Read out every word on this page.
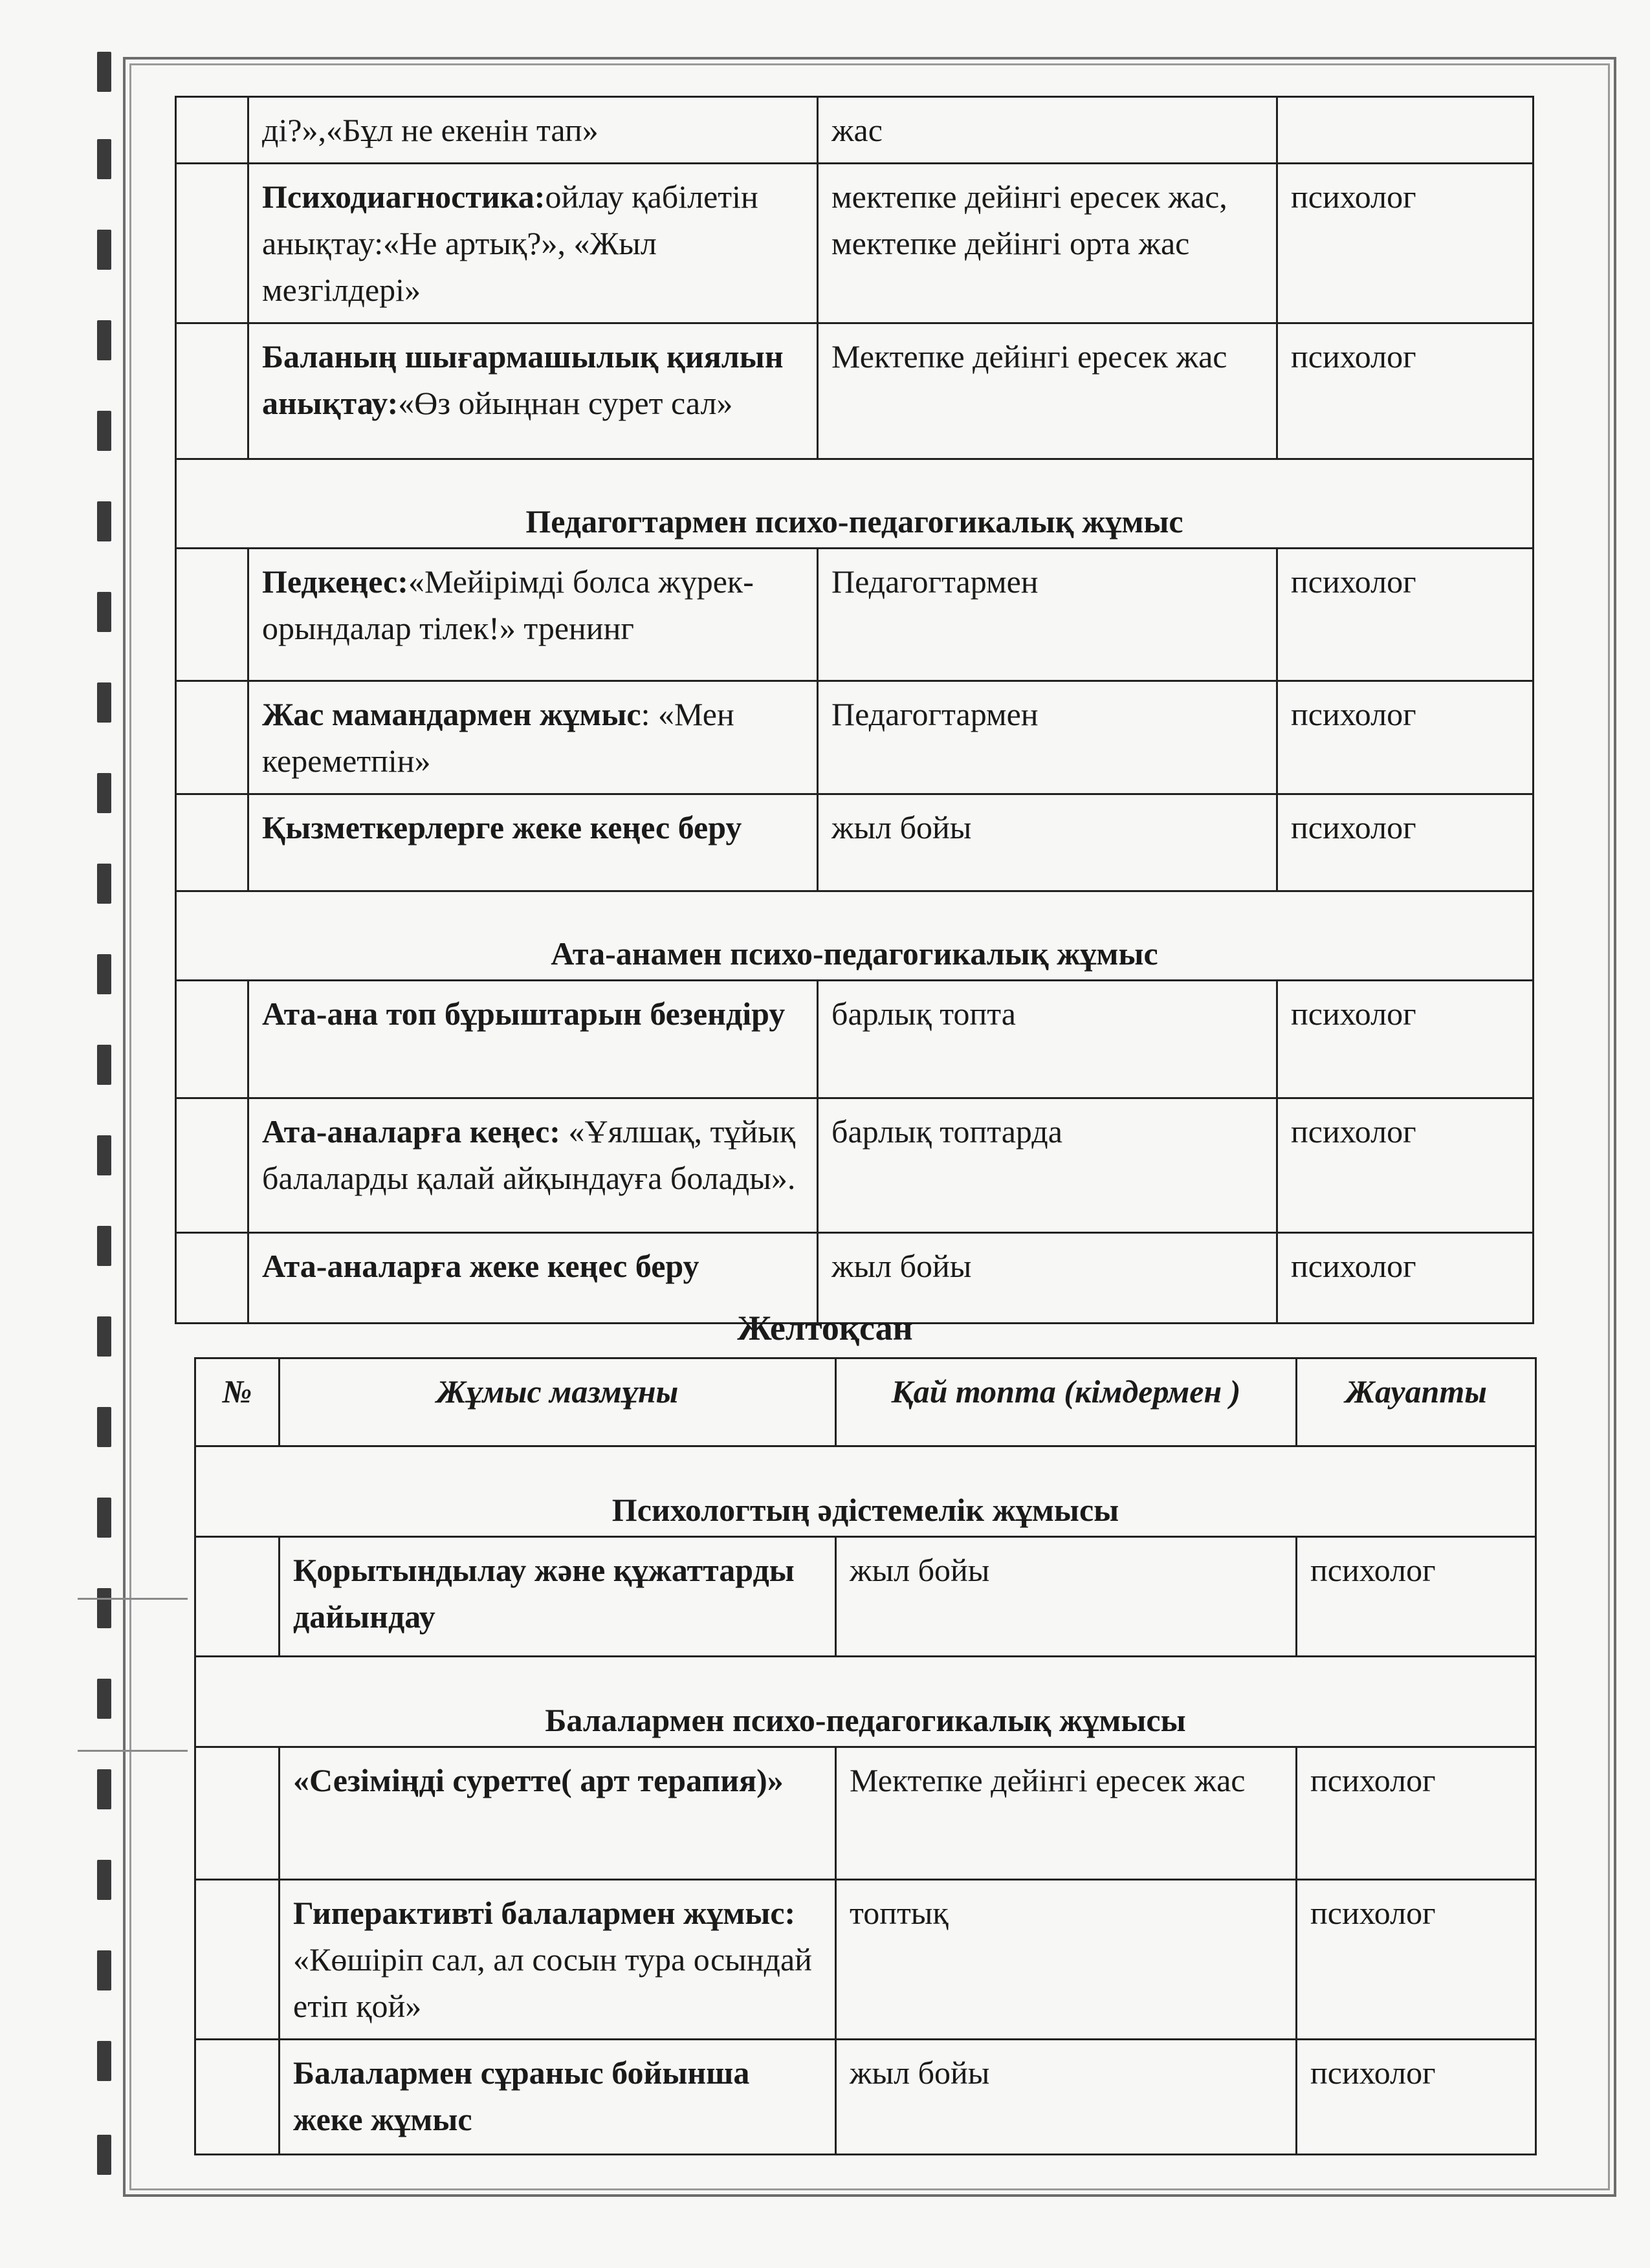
	ді?»,«Бұл не екенін тап»	жас	
	Психодиагностика:ойлау қабілетін анықтау:«Не артық?», «Жыл мезгілдері»	мектепке дейінгі ересек жас, мектепке дейінгі орта жас	психолог
	Баланың шығармашылық қиялын анықтау:«Өз ойыңнан сурет сал»	Мектепке дейінгі ересек жас	психолог
Педагогтармен психо-педагогикалық жұмыс			
	Педкеңес:«Мейірімді болса жүрек-орындалар тілек!» тренинг	Педагогтармен	психолог
	Жас мамандармен жұмыс: «Мен кереметпін»	Педагогтармен	психолог
	Қызметкерлерге жеке кеңес беру	жыл бойы	психолог
Ата-анамен психо-педагогикалық жұмыс			
	Ата-ана топ бұрыштарын безендіру	барлық топта	психолог
	Ата-аналарға кеңес: «Ұялшақ, тұйық балаларды қалай айқындауға болады».	барлық топтарда	психолог
	Ата-аналарға жеке кеңес беру	жыл бойы	психолог
Желтоқсан
№	Жұмыс мазмұны	Қай топта (кімдермен )	Жауапты
Психологтың әдістемелік жұмысы			
	Қорытындылау және құжаттарды дайындау	жыл бойы	психолог
Балалармен психо-педагогикалық жұмысы			
	«Сезіміңді суретте( арт терапия)»	Мектепке дейінгі ересек жас	психолог
	Гиперактивті балалармен жұмыс: «Көшіріп сал, ал сосын тура осындай етіп қой»	топтық	психолог
	Балалармен сұраныс бойынша жеке жұмыс	жыл бойы	психолог
